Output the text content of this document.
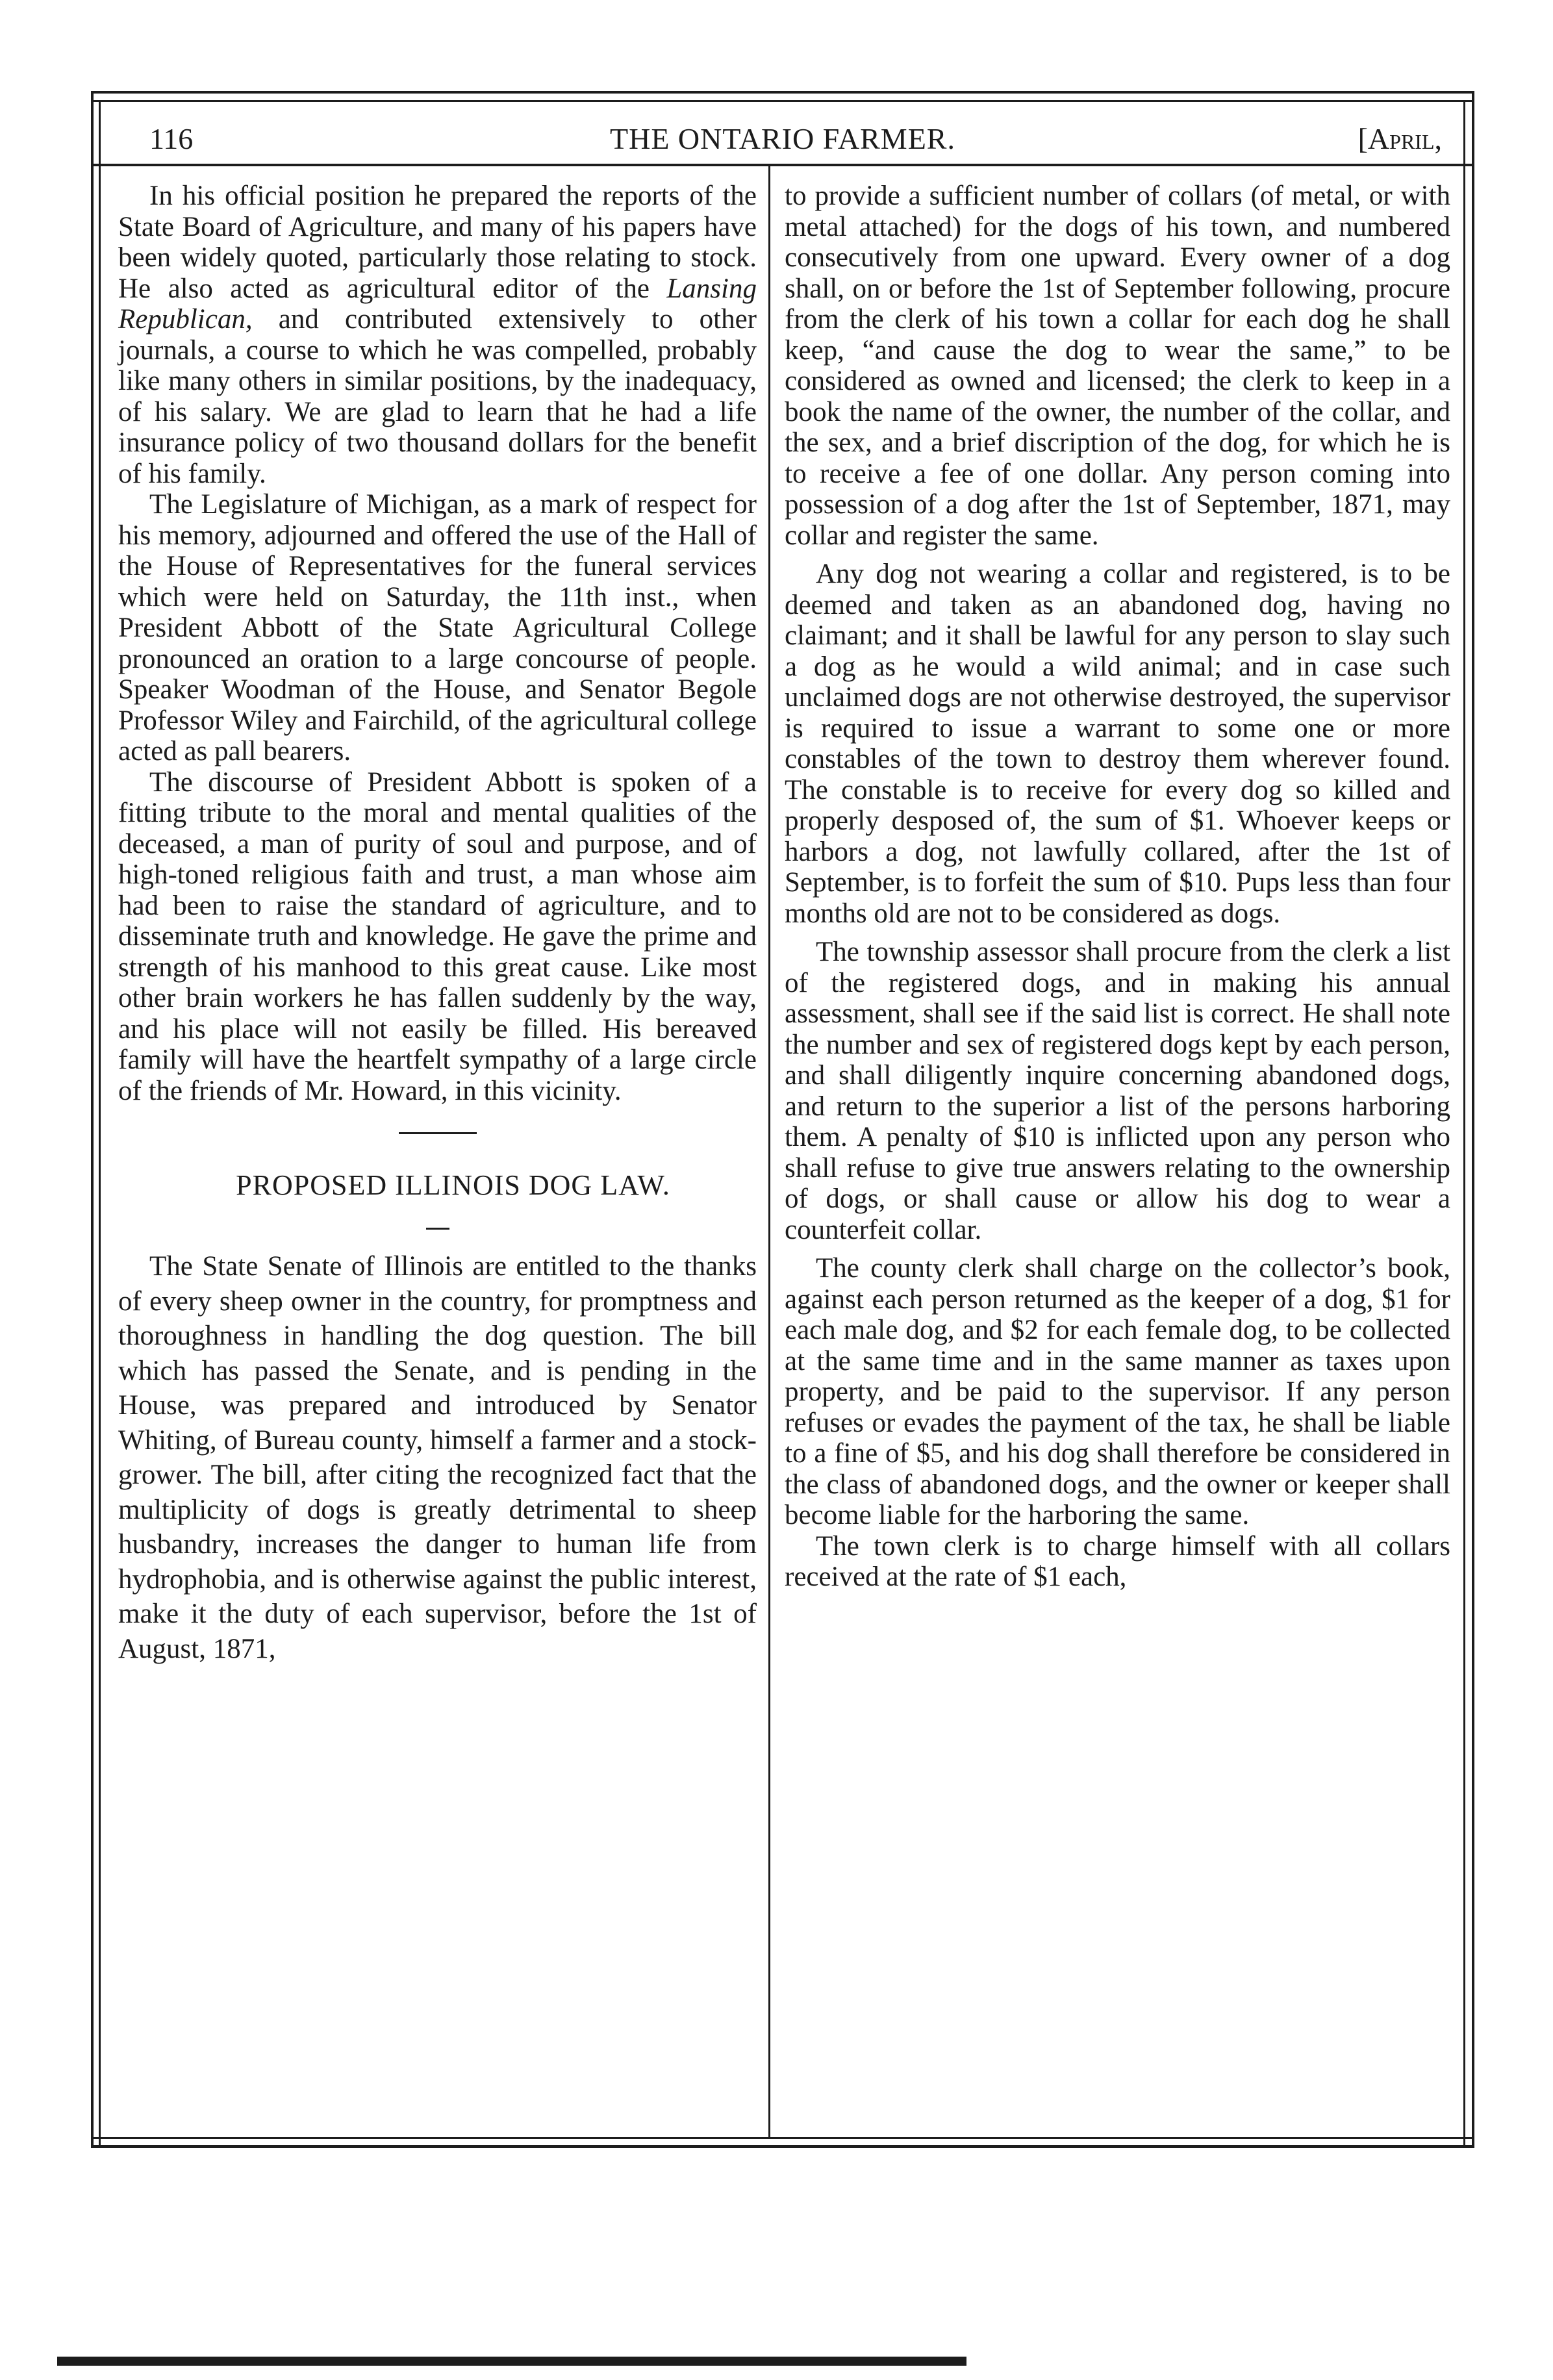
THE ONTARIO FARMER.
116	[April,

In his official position he prepared the reports of the State Board of Agriculture, and many of his papers have been widely quoted, particularly those relating to stock. He also acted as agricultural editor of the Lansing Republican, and contributed extensively to other journals, a course to which he was compelled, probably like many others in similar positions, by the inadequacy, of his salary. We are glad to learn that he had a life insurance policy of two thousand dollars for the benefit of his family.

The Legislature of Michigan, as a mark of respect for his memory, adjourned and offered the use of the Hall of the House of Representatives for the funeral services which were held on Saturday, the 11th inst., when President Abbott of the State Agricultural College pronounced an oration to a large concourse of people. Speaker Woodman of the House, and Senator Begole Professor Wiley and Fairchild, of the agricultural college acted as pall bearers.

The discourse of President Abbott is spoken of a fitting tribute to the moral and mental qualities of the deceased, a man of purity of soul and purpose, and of high-toned religious faith and trust, a man whose aim had been to raise the standard of agriculture, and to disseminate truth and knowledge. He gave the prime and strength of his manhood to this great cause. Like most other brain workers he has fallen suddenly by the way, and his place will not easily be filled. His bereaved family will have the heartfelt sympathy of a large circle of the friends of Mr. Howard, in this vicinity.

PROPOSED ILLINOIS DOG LAW.

The State Senate of Illinois are entitled to the thanks of every sheep owner in the country, for promptness and thoroughness in handling the dog question. The bill which has passed the Senate, and is pending in the House, was prepared and introduced by Senator Whiting, of Bureau county, himself a farmer and a stock-grower. The bill, after citing the recognized fact that the multiplicity of dogs is greatly detrimental to sheep husbandry, increases the danger to human life from hydrophobia, and is otherwise against the public interest, make it the duty of each supervisor, before the 1st of August, 1871,

to provide a sufficient number of collars (of metal, or with metal attached) for the dogs of his town, and numbered consecutively from one upward. Every owner of a dog shall, on or before the 1st of September following, procure from the clerk of his town a collar for each dog he shall keep, “and cause the dog to wear the same,” to be considered as owned and licensed; the clerk to keep in a book the name of the owner, the number of the collar, and the sex, and a brief discription of the dog, for which he is to receive a fee of one dollar. Any person coming into possession of a dog after the 1st of September, 1871, may collar and register the same.

Any dog not wearing a collar and registered, is to be deemed and taken as an abandoned dog, having no claimant; and it shall be lawful for any person to slay such a dog as he would a wild animal; and in case such unclaimed dogs are not otherwise destroyed, the supervisor is required to issue a warrant to some one or more constables of the town to destroy them wherever found. The constable is to receive for every dog so killed and properly desposed of, the sum of $1. Whoever keeps or harbors a dog, not lawfully collared, after the 1st of September, is to forfeit the sum of $10. Pups less than four months old are not to be considered as dogs.

The township assessor shall procure from the clerk a list of the registered dogs, and in making his annual assessment, shall see if the said list is correct. He shall note the number and sex of registered dogs kept by each person, and shall diligently inquire concerning abandoned dogs, and return to the superior a list of the persons harboring them. A penalty of $10 is inflicted upon any person who shall refuse to give true answers relating to the ownership of dogs, or shall cause or allow his dog to wear a counterfeit collar.

The county clerk shall charge on the collector’s book, against each person returned as the keeper of a dog, $1 for each male dog, and $2 for each female dog, to be collected at the same time and in the same manner as taxes upon property, and be paid to the supervisor. If any person refuses or evades the payment of the tax, he shall be liable to a fine of $5, and his dog shall therefore be considered in the class of abandoned dogs, and the owner or keeper shall become liable for the harboring the same.

The town clerk is to charge himself with all collars received at the rate of $1 each,
